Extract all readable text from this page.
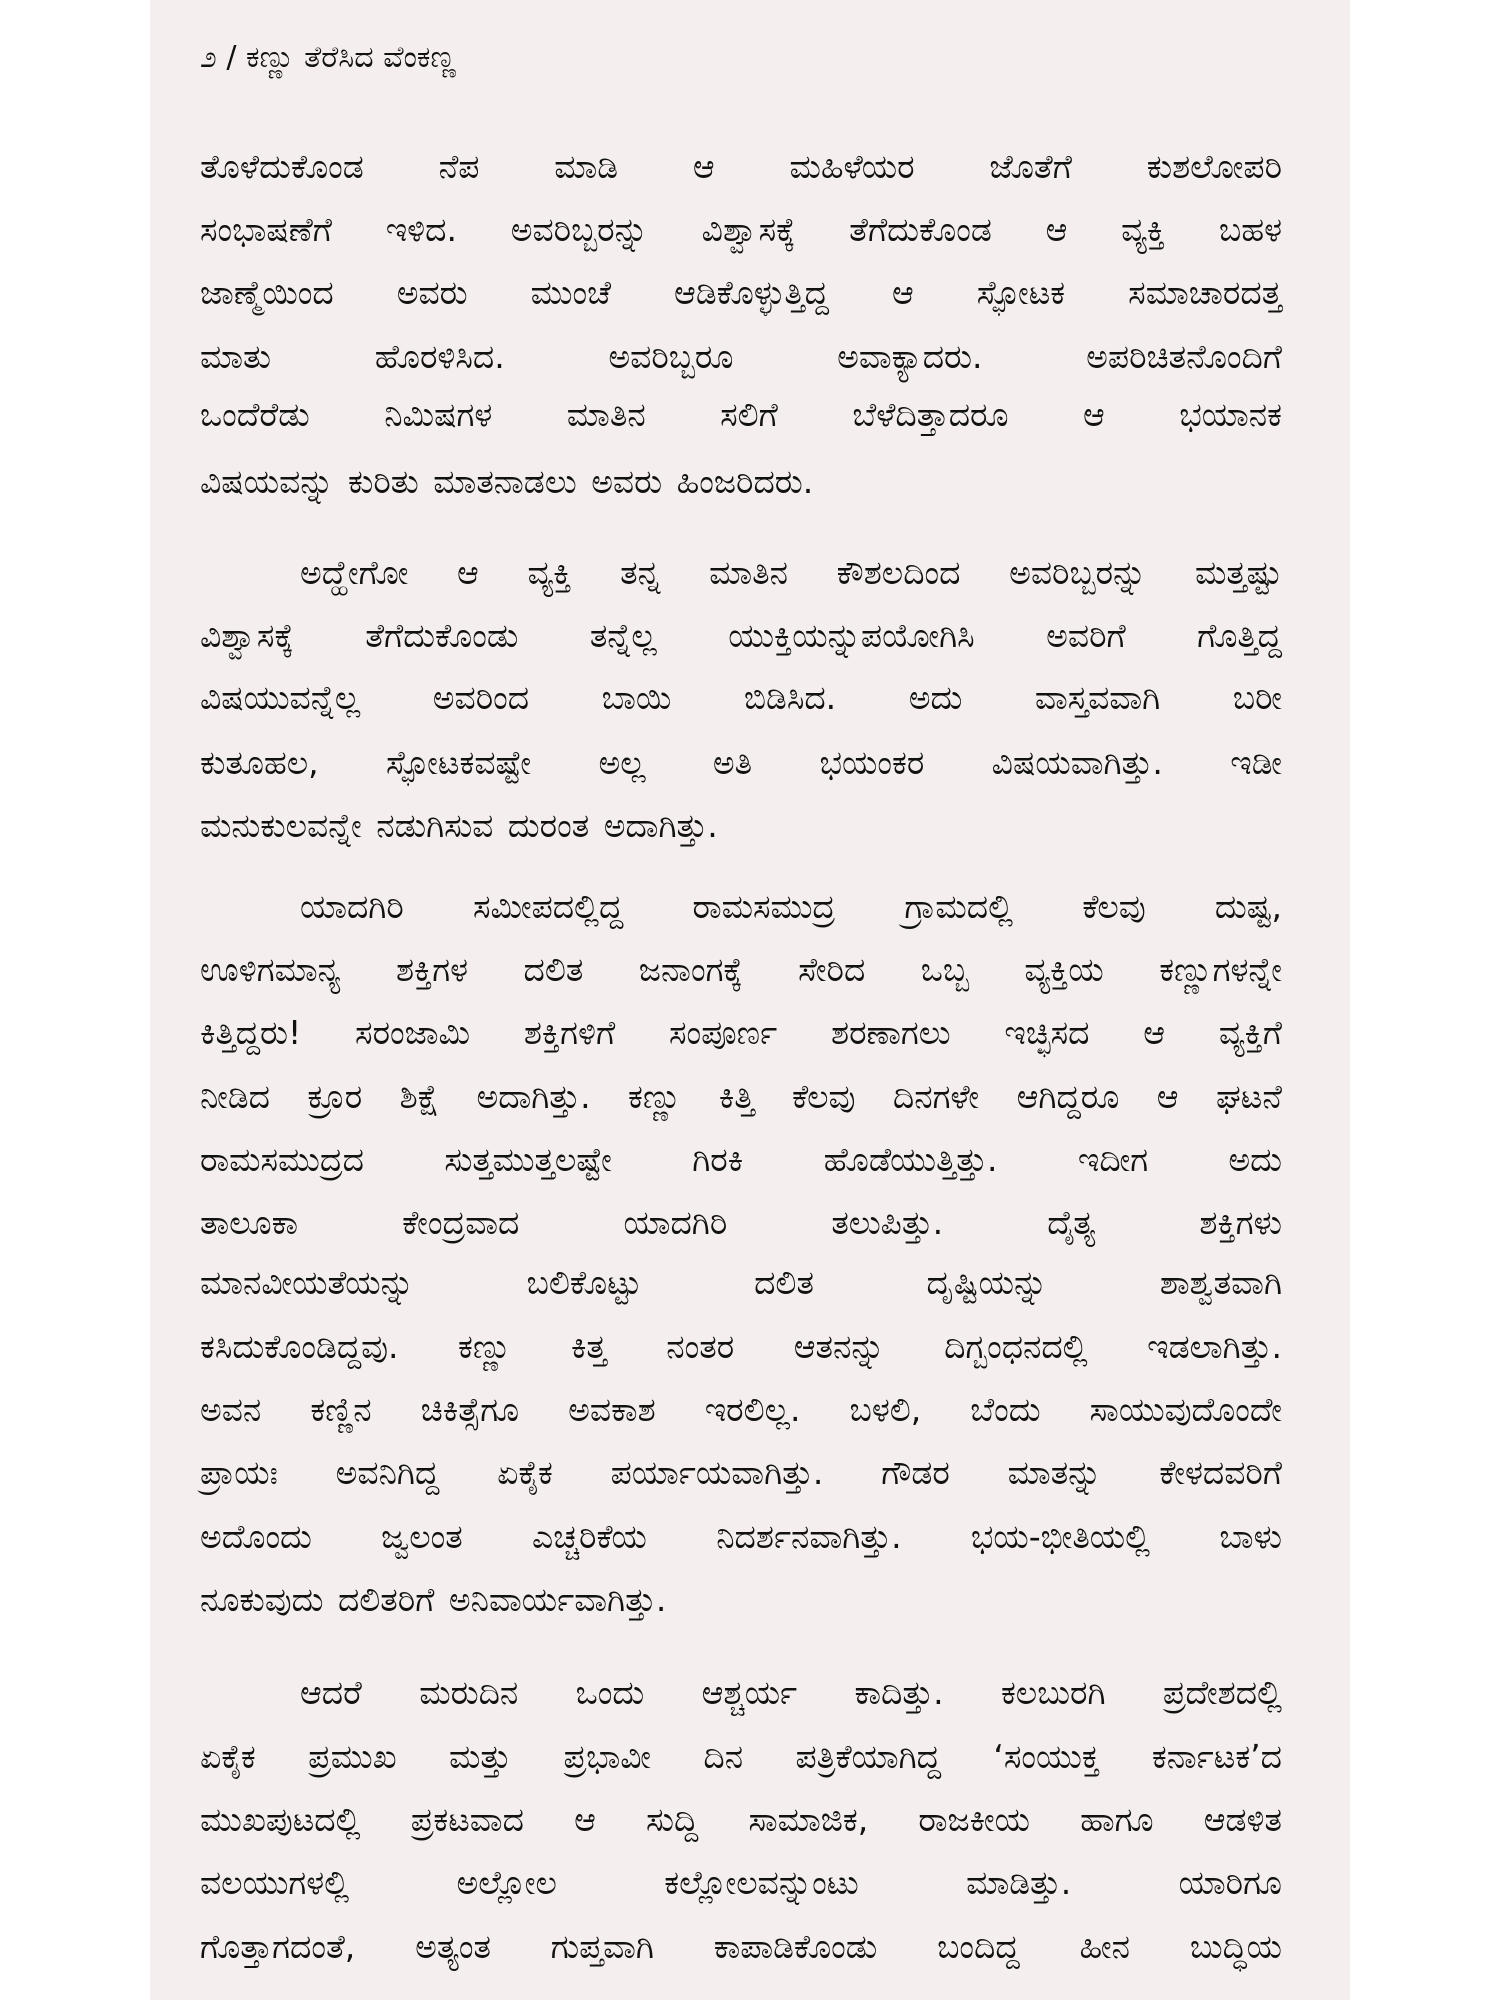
೨ / ಕಣ್ಣು ತೆರೆಸಿದ ವೆಂಕಣ್ಣ
ತೊಳೆದುಕೊಂಡ ನೆಪ ಮಾಡಿ ಆ ಮಹಿಳೆಯರ ಜೊತೆಗೆ ಕುಶಲೋಪರಿ
ಸಂಭಾಷಣೆಗೆ ಇಳಿದ. ಅವರಿಬ್ಬರನ್ನು ವಿಶ್ವಾಸಕ್ಕೆ ತೆಗೆದುಕೊಂಡ ಆ ವ್ಯಕ್ತಿ ಬಹಳ
ಜಾಣ್ಮೆಯಿಂದ ಅವರು ಮುಂಚೆ ಆಡಿಕೊಳ್ಳುತ್ತಿದ್ದ ಆ ಸ್ಫೋಟಕ ಸಮಾಚಾರದತ್ತ
ಮಾತು ಹೊರಳಿಸಿದ. ಅವರಿಬ್ಬರೂ ಅವಾಕ್ಯಾದರು. ಅಪರಿಚಿತನೊಂದಿಗೆ
ಒಂದೆರೆಡು ನಿಮಿಷಗಳ ಮಾತಿನ ಸಲಿಗೆ ಬೆಳೆದಿತ್ತಾದರೂ ಆ ಭಯಾನಕ
ವಿಷಯವನ್ನು ಕುರಿತು ಮಾತನಾಡಲು ಅವರು ಹಿಂಜರಿದರು.
ಅದ್ಹೇಗೋ ಆ ವ್ಯಕ್ತಿ ತನ್ನ ಮಾತಿನ ಕೌಶಲದಿಂದ ಅವರಿಬ್ಬರನ್ನು ಮತ್ತಷ್ಟು
ವಿಶ್ವಾಸಕ್ಕೆ ತೆಗೆದುಕೊಂಡು ತನ್ನೆಲ್ಲ ಯುಕ್ತಿಯನ್ನುಪಯೋಗಿಸಿ ಅವರಿಗೆ ಗೊತ್ತಿದ್ದ
ವಿಷಯುವನ್ನೆಲ್ಲ ಅವರಿಂದ ಬಾಯಿ ಬಿಡಿಸಿದ. ಅದು ವಾಸ್ತವವಾಗಿ ಬರೀ
ಕುತೂಹಲ, ಸ್ಫೋಟಕವಷ್ಟೇ ಅಲ್ಲ ಅತಿ ಭಯಂಕರ ವಿಷಯವಾಗಿತ್ತು. ಇಡೀ
ಮನುಕುಲವನ್ನೇ ನಡುಗಿಸುವ ದುರಂತ ಅದಾಗಿತ್ತು.
ಯಾದಗಿರಿ ಸಮೀಪದಲ್ಲಿದ್ದ ರಾಮಸಮುದ್ರ ಗ್ರಾಮದಲ್ಲಿ ಕೆಲವು ದುಷ್ಟ,
ಊಳಿಗಮಾನ್ಯ ಶಕ್ತಿಗಳ ದಲಿತ ಜನಾಂಗಕ್ಕೆ ಸೇರಿದ ಒಬ್ಬ ವ್ಯಕ್ತಿಯ ಕಣ್ಣುಗಳನ್ನೇ
ಕಿತ್ತಿದ್ದರು! ಸರಂಜಾಮಿ ಶಕ್ತಿಗಳಿಗೆ ಸಂಪೂರ್ಣ ಶರಣಾಗಲು ಇಚ್ಛಿಸದ ಆ ವ್ಯಕ್ತಿಗೆ
ನೀಡಿದ ಕ್ರೂರ ಶಿಕ್ಷೆ ಅದಾಗಿತ್ತು. ಕಣ್ಣು ಕಿತ್ತಿ ಕೆಲವು ದಿನಗಳೇ ಆಗಿದ್ದರೂ ಆ ಘಟನೆ
ರಾಮಸಮುದ್ರದ ಸುತ್ತಮುತ್ತಲಷ್ಟೇ ಗಿರಕಿ ಹೊಡೆಯುತ್ತಿತ್ತು. ಇದೀಗ ಅದು
ತಾಲೂಕಾ ಕೇಂದ್ರವಾದ ಯಾದಗಿರಿ ತಲುಪಿತ್ತು. ದೈತ್ಯ ಶಕ್ತಿಗಳು
ಮಾನವೀಯತೆಯನ್ನು ಬಲಿಕೊಟ್ಟು ದಲಿತ ದೃಷ್ಟಿಯನ್ನು ಶಾಶ್ವತವಾಗಿ
ಕಸಿದುಕೊಂಡಿದ್ದವು. ಕಣ್ಣು ಕಿತ್ತ ನಂತರ ಆತನನ್ನು ದಿಗ್ಬಂಧನದಲ್ಲಿ ಇಡಲಾಗಿತ್ತು.
ಅವನ ಕಣ್ಣಿನ ಚಿಕಿತ್ಸೆಗೂ ಅವಕಾಶ ಇರಲಿಲ್ಲ. ಬಳಲಿ, ಬೆಂದು ಸಾಯುವುದೊಂದೇ
ಪ್ರಾಯಃ ಅವನಿಗಿದ್ದ ಏಕೈಕ ಪರ್ಯಾಯವಾಗಿತ್ತು. ಗೌಡರ ಮಾತನ್ನು ಕೇಳದವರಿಗೆ
ಅದೊಂದು ಜ್ವಲಂತ ಎಚ್ಚರಿಕೆಯ ನಿದರ್ಶನವಾಗಿತ್ತು. ಭಯ-ಭೀತಿಯಲ್ಲಿ ಬಾಳು
ನೂಕುವುದು ದಲಿತರಿಗೆ ಅನಿವಾರ್ಯವಾಗಿತ್ತು.
ಆದರೆ ಮರುದಿನ ಒಂದು ಆಶ್ಚರ್ಯ ಕಾದಿತ್ತು. ಕಲಬುರಗಿ ಪ್ರದೇಶದಲ್ಲಿ
ಏಕೈಕ ಪ್ರಮುಖ ಮತ್ತು ಪ್ರಭಾವೀ ದಿನ ಪತ್ರಿಕೆಯಾಗಿದ್ದ ‘ಸಂಯುಕ್ತ ಕರ್ನಾಟಕ’ದ
ಮುಖಪುಟದಲ್ಲಿ ಪ್ರಕಟವಾದ ಆ ಸುದ್ದಿ ಸಾಮಾಜಿಕ, ರಾಜಕೀಯ ಹಾಗೂ ಆಡಳಿತ
ವಲಯುಗಳಲ್ಲಿ ಅಲ್ಲೋಲ ಕಲ್ಲೋಲವನ್ನುಂಟು ಮಾಡಿತ್ತು. ಯಾರಿಗೂ
ಗೊತ್ತಾಗದಂತೆ, ಅತ್ಯಂತ ಗುಪ್ತವಾಗಿ ಕಾಪಾಡಿಕೊಂಡು ಬಂದಿದ್ದ ಹೀನ ಬುದ್ಧಿಯ
